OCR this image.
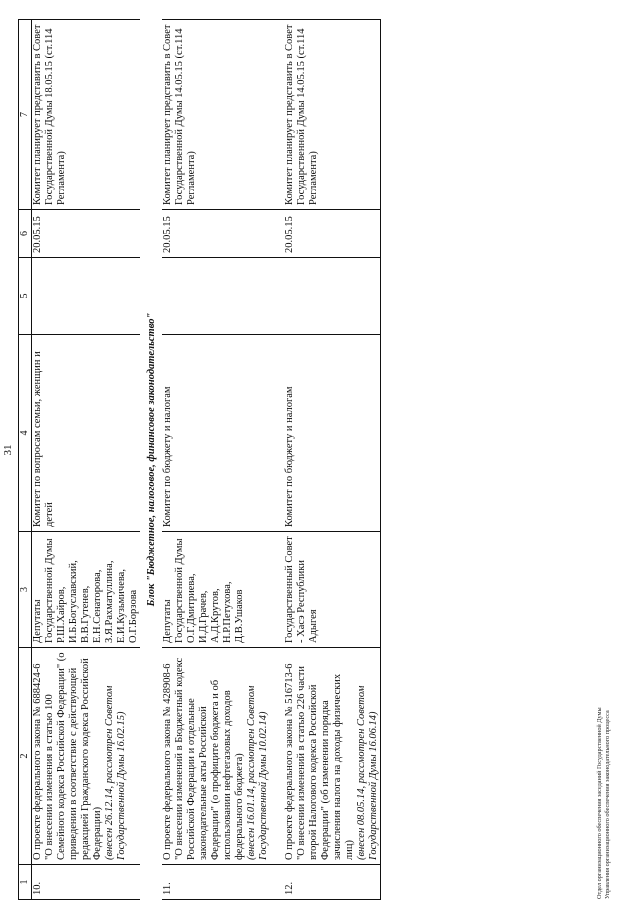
31
1	2	3	4	5	6	7
10.	О проекте федерального закона № 688424-6 "О внесении изменения в статью 100 Семейного кодекса Российской Федерации" (о приведении в соответствие с действующей редакцией Гражданского кодекса Российской Федерации) (внесен 26.12.14, рассмотрен Советом Государственной Думы 16.02.15)	Депутаты Государственной Думы Р.Ш.Хайров, И.Б.Богуславский, В.В.Гутенев, Е.Н.Сенаторова, З.Я.Рахматуллина, Е.И.Кузьмичева, О.Г.Борзова	Комитет по вопросам семьи, женщин и детей		20.05.15	Комитет планирует представить в Совет Государственной Думы 18.05.15 (ст.114 Регламента)
Блок "Бюджетное, налоговое, финансовое законодательство"						
11.	О проекте федерального закона № 428908-6 "О внесении изменений в Бюджетный кодекс Российской Федерации и отдельные законодательные акты Российской Федерации" (о профиците бюджета и об использовании нефтегазовых доходов федерального бюджета) (внесен 16.01.14, рассмотрен Советом Государственной Думы 10.02.14)	Депутаты Государственной Думы О.Г.Дмитриева, И.Д.Грачев, А.Д.Крутов, Н.Р.Петухова, Д.В.Ушаков	Комитет по бюджету и налогам		20.05.15	Комитет планирует представить в Совет Государственной Думы 14.05.15 (ст.114 Регламента)

12.	О проекте федерального закона № 516713-6 "О внесении изменений в статью 226 части второй Налогового кодекса Российской Федерации" (об изменении порядка зачисления налога на доходы физических лиц) (внесен 08.05.14, рассмотрен Советом Государственной Думы 16.06.14)	Государственный Совет - Хасэ Республики Адыгея	Комитет по бюджету и налогам		20.05.15	Комитет планирует представить в Совет Государственной Думы 14.05.15 (ст.114 Регламента)
Отдел организационного обеспечения заседаний Государственной Думы Управления организационного обеспечения законодательного процесса
